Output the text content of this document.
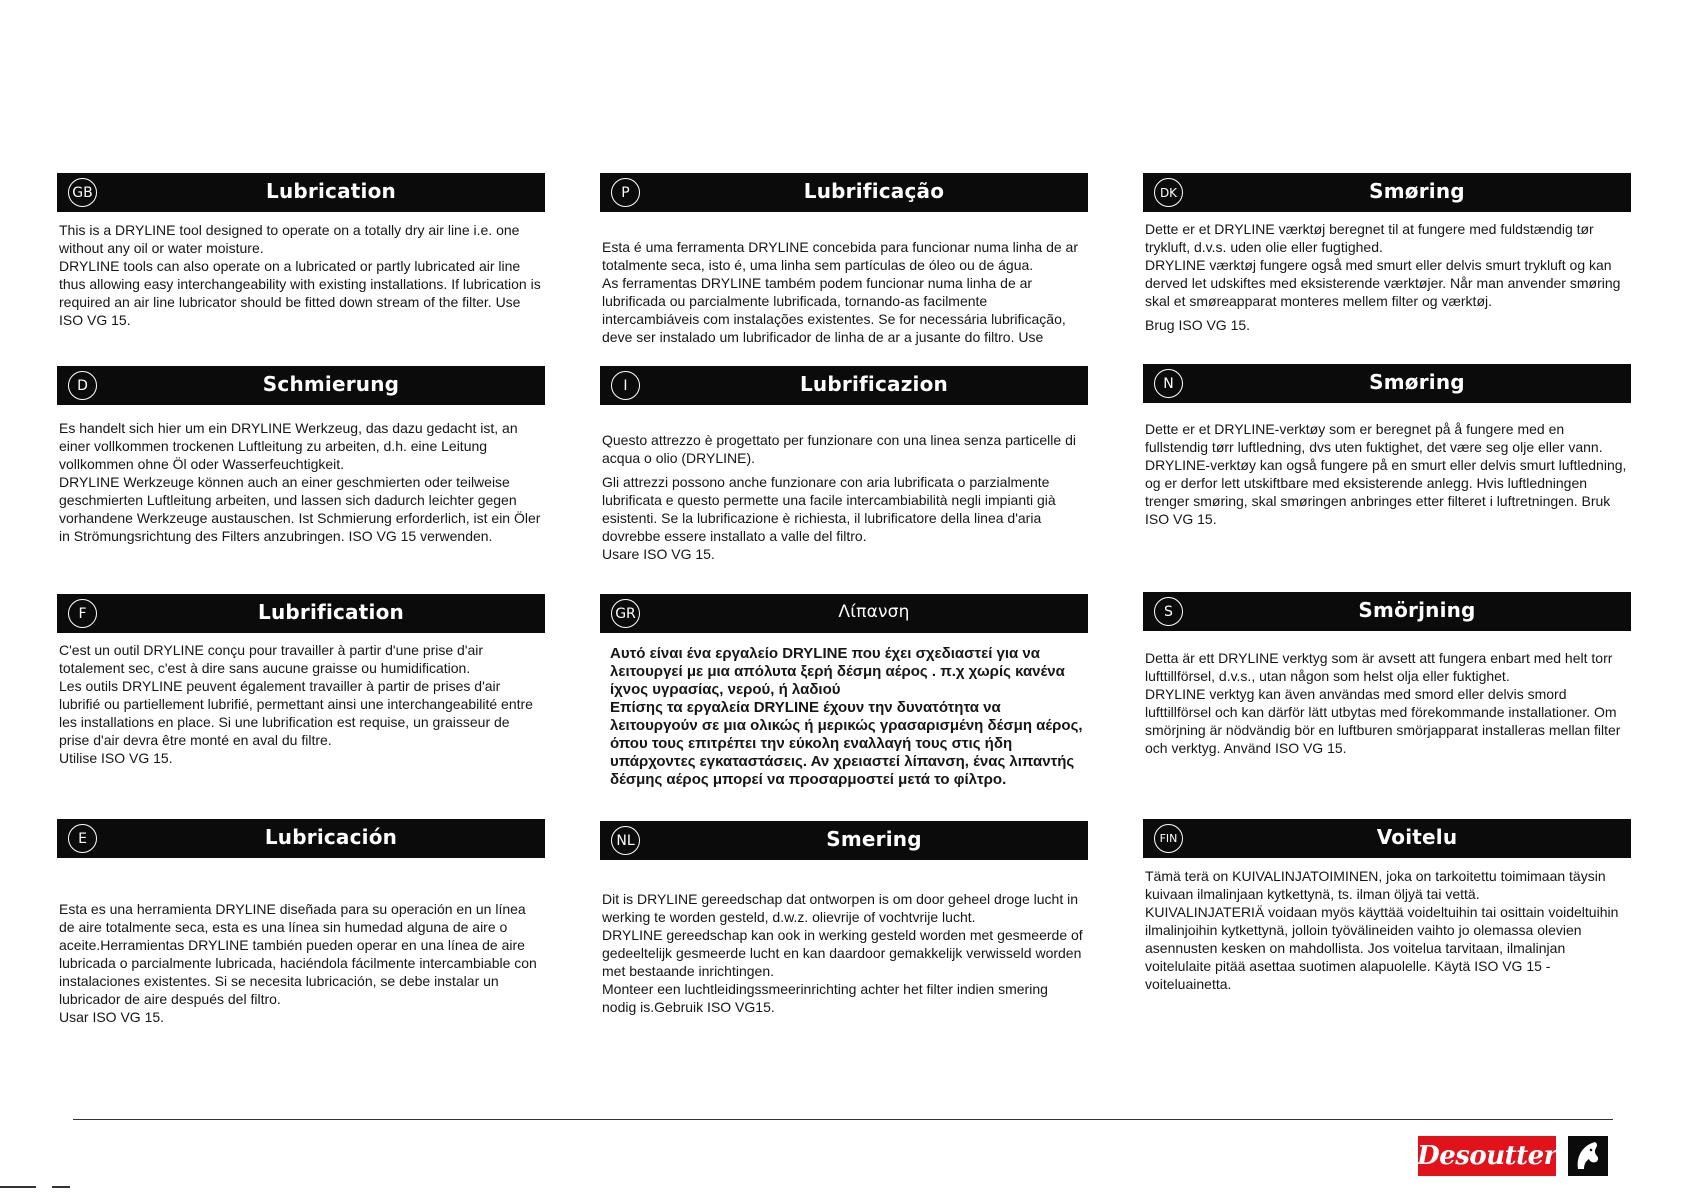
GB	Lubrication

This is a DRYLINE tool designed to operate on a totally dry air line i.e. one without any oil or water moisture.

DRYLINE tools can also operate on a lubricated or partly lubricated air line thus allowing easy interchangeability with existing installations. If lubrication is required an air line lubricator should be fitted down stream of the filter. Use ISO VG 15.

D	Schmierung

Es handelt sich hier um ein DRYLINE Werkzeug, das dazu gedacht ist, an einer vollkommen trockenen Luftleitung zu arbeiten, d.h. eine Leitung vollkommen ohne Öl oder Wasserfeuchtigkeit.

DRYLINE Werkzeuge können auch an einer geschmierten oder teilweise geschmierten Luftleitung arbeiten, und lassen sich dadurch leichter gegen vorhandene Werkzeuge austauschen. Ist Schmierung erforderlich, ist ein Öler in Strömungsrichtung des Filters anzubringen. ISO VG 15 verwenden.

F	Lubrification

C'est un outil DRYLINE conçu pour travailler à partir d'une prise d'air totalement sec, c'est à dire sans aucune graisse ou humidification.

Les outils DRYLINE peuvent également travailler à partir de prises d'air lubrifié ou partiellement lubrifié, permettant ainsi une interchangeabilité entre les installations en place. Si une lubrification est requise, un graisseur de prise d'air devra être monté en aval du filtre.

Utilise ISO VG 15.

E	Lubricación

Esta es una herramienta DRYLINE diseñada para su operación en un línea de aire totalmente seca, esta es una línea sin humedad alguna de aire o aceite.Herramientas DRYLINE también pueden operar en una línea de aire lubricada o parcialmente lubricada, haciéndola fácilmente intercambiable con instalaciones existentes. Si se necesita lubricación, se debe instalar un lubricador de aire después del filtro.

Usar ISO VG 15.

P	Lubrificação

Esta é uma ferramenta DRYLINE concebida para funcionar numa linha de ar totalmente seca, isto é, uma linha sem partículas de óleo ou de água.

As ferramentas DRYLINE também podem funcionar numa linha de ar lubrificada ou parcialmente lubrificada, tornando-as facilmente intercambiáveis com instalações existentes. Se for necessária lubrificação, deve ser instalado um lubrificador de linha de ar a jusante do filtro. Use

I	Lubrificazion

Questo attrezzo è progettato per funzionare con una linea senza particelle di acqua o olio (DRYLINE).

Gli attrezzi possono anche funzionare con aria lubrificata o parzialmente lubrificata e questo permette una facile intercambiabilità negli impianti già esistenti. Se la lubrificazione è richiesta, il lubrificatore della linea d'aria dovrebbe essere installato a valle del filtro.

Usare ISO VG 15.

GR	Λίπανση

Αυτό είναι ένα εργαλείο DRYLINE που έχει σχεδιαστεί για να λειτουργεί με μια απόλυτα ξερή δέσμη αέρος . π.χ χωρίς κανένα ίχνος υγρασίας, νερού, ή λαδιού

Επίσης τα εργαλεία DRYLINE έχουν την δυνατότητα να λειτουργούν σε μια ολικώς ή μερικώς γρασαρισμένη δέσμη αέρος, όπου τους επιτρέπει την εύκολη εναλλαγή τους στις ήδη υπάρχοντες εγκαταστάσεις. Αν χρειαστεί λίπανση, ένας λιπαντής δέσμης αέρος μπορεί να προσαρμοστεί μετά το φίλτρο.

NL	Smering

Dit is DRYLINE gereedschap dat ontworpen is om door geheel droge lucht in werking te worden gesteld, d.w.z. olievrije of vochtvrije lucht.

DRYLINE gereedschap kan ook in werking gesteld worden met gesmeerde of gedeeltelijk gesmeerde lucht en kan daardoor gemakkelijk verwisseld worden met bestaande inrichtingen.

Monteer een luchtleidingssmeerinrichting achter het filter indien smering nodig is.Gebruik ISO VG15.

DK	Smøring

Dette er et DRYLINE værktøj beregnet til at fungere med fuldstændig tør trykluft, d.v.s. uden olie eller fugtighed.

DRYLINE værktøj fungere også med smurt eller delvis smurt trykluft og kan derved let udskiftes med eksisterende værktøjer. Når man anvender smøring skal et smøreapparat monteres mellem filter og værktøj.

Brug ISO VG 15.

N	Smøring

Dette er et DRYLINE-verktøy som er beregnet på å fungere med en fullstendig tørr luftledning, dvs uten fuktighet, det være seg olje eller vann.

DRYLINE-verktøy kan også fungere på en smurt eller delvis smurt luftledning, og er derfor lett utskiftbare med eksisterende anlegg. Hvis luftledningen trenger smøring, skal smøringen anbringes etter filteret i luftretningen. Bruk ISO VG 15.

S	Smörjning

Detta är ett DRYLINE verktyg som är avsett att fungera enbart med helt torr lufttillförsel, d.v.s., utan någon som helst olja eller fuktighet.

DRYLINE verktyg kan även användas med smord eller delvis smord lufttillförsel och kan därför lätt utbytas med förekommande installationer. Om smörjning är nödvändig bör en luftburen smörjapparat installeras mellan filter och verktyg. Använd ISO VG 15.

FIN	Voitelu

Tämä terä on KUIVALINJATOIMINEN, joka on tarkoitettu toimimaan täysin kuivaan ilmalinjaan kytkettynä, ts. ilman öljyä tai vettä.

KUIVALINJATERIÄ voidaan myös käyttää voideltuihin tai osittain voideltuihin ilmalinjoihin kytkettynä, jolloin työvälineiden vaihto jo olemassa olevien asennusten kesken on mahdollista. Jos voitelua tarvitaan, ilmalinjan voitelulaite pitää asettaa suotimen alapuolelle. Käytä ISO VG 15 -voiteluainetta.

Desoutter
